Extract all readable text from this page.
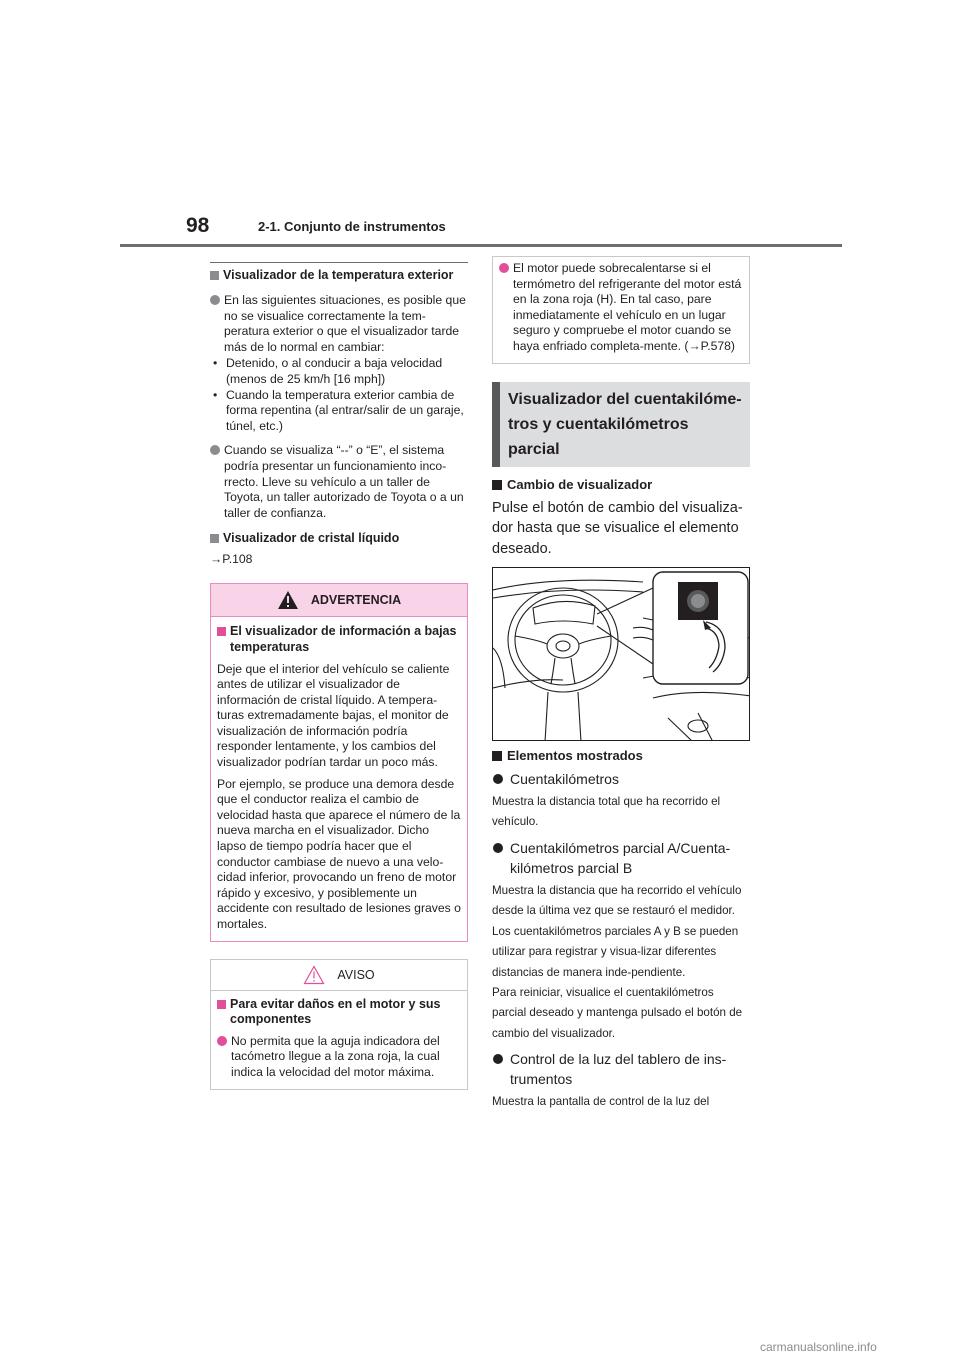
98	2-1. Conjunto de instrumentos
Visualizador de la temperatura exterior
En las siguientes situaciones, es posible que no se visualice correctamente la tem-peratura exterior o que el visualizador tarde más de lo normal en cambiar:
• Detenido, o al conducir a baja velocidad (menos de 25 km/h [16 mph])
• Cuando la temperatura exterior cambia de forma repentina (al entrar/salir de un garaje, túnel, etc.)
Cuando se visualiza “--” o “E”, el sistema podría presentar un funcionamiento inco-rrecto. Lleve su vehículo a un taller de Toyota, un taller autorizado de Toyota o a un taller de confianza.
Visualizador de cristal líquido
→P.108
ADVERTENCIA
El visualizador de información a bajas temperaturas

Deje que el interior del vehículo se caliente antes de utilizar el visualizador de información de cristal líquido. A tempera-turas extremadamente bajas, el monitor de visualización de información podría responder lentamente, y los cambios del visualizador podrían tardar un poco más.

Por ejemplo, se produce una demora desde que el conductor realiza el cambio de velocidad hasta que aparece el número de la nueva marcha en el visualizador. Dicho lapso de tiempo podría hacer que el conductor cambiase de nuevo a una velo-cidad inferior, provocando un freno de motor rápido y excesivo, y posiblemente un accidente con resultado de lesiones graves o mortales.

AVISO
Para evitar daños en el motor y sus componentes
No permita que la aguja indicadora del tacómetro llegue a la zona roja, la cual indica la velocidad del motor máxima.
El motor puede sobrecalentarse si el termómetro del refrigerante del motor está en la zona roja (H). En tal caso, pare inmediatamente el vehículo en un lugar seguro y compruebe el motor cuando se haya enfriado completa-mente. (→P.578)
Visualizador del cuentakilóme-tros y cuentakilómetros parcial
Cambio de visualizador
Pulse el botón de cambio del visualiza-dor hasta que se visualice el elemento deseado.
Elementos mostrados
Cuentakilómetros
Muestra la distancia total que ha recorrido el vehículo.
Cuentakilómetros parcial A/Cuenta-kilómetros parcial B
Muestra la distancia que ha recorrido el vehículo desde la última vez que se restauró el medidor. Los cuentakilómetros parciales A y B se pueden utilizar para registrar y visua-lizar diferentes distancias de manera inde-pendiente.
Para reiniciar, visualice el cuentakilómetros parcial deseado y mantenga pulsado el botón de cambio del visualizador.
Control de la luz del tablero de ins-trumentos
Muestra la pantalla de control de la luz del
carmanualsonline.info
